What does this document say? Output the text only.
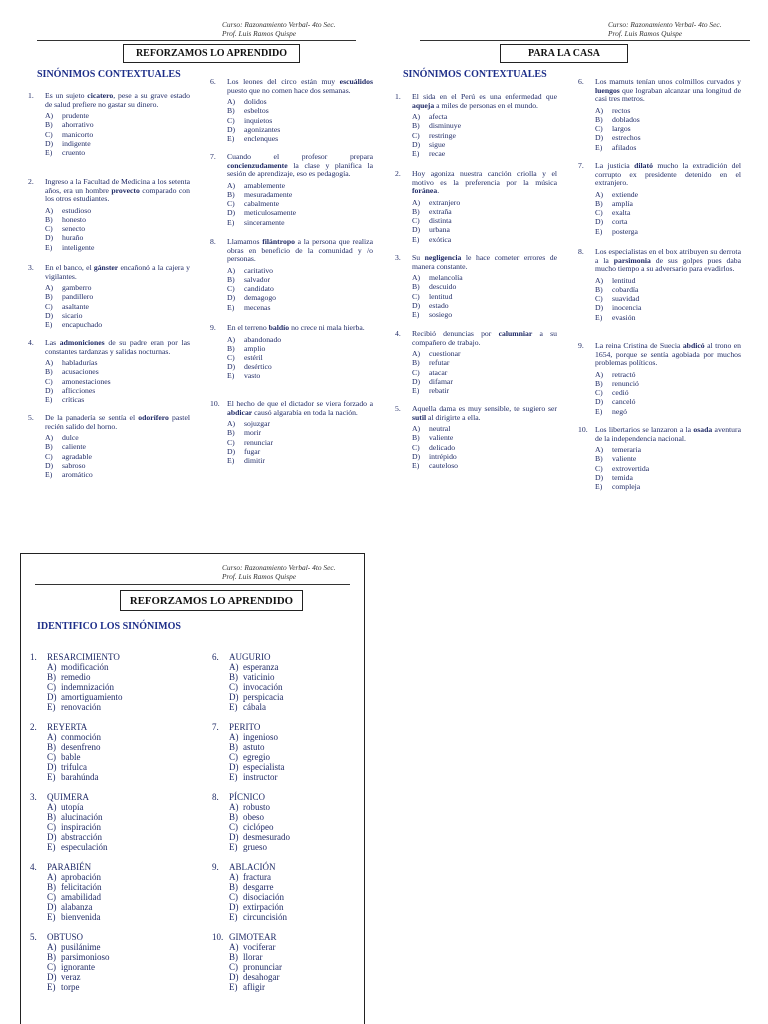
Curso: Razonamiento Verbal- 4to Sec.
Prof. Luis Ramos Quispe
REFORZAMOS LO APRENDIDO
SINÓNIMOS CONTEXTUALES
1.	Es un sujeto cicatero, pese a su grave estado de salud prefiere no gastar su dinero.
A) prudente
B) ahorrativo
C) manicorto
D) indigente
E) cruento
2.	Ingreso a la Facultad de Medicina a los setenta años, era un hombre provecto comparado con los otros estudiantes.
A) estudioso
B) honesto
C) senecto
D) huraño
E) inteligente
3.	En el banco, el gánster encañonó a la cajera y vigilantes.
A) gamberro
B) pandillero
C) asaltante
D) sicario
E) encapuchado
4.	Las admoniciones de su padre eran por las constantes tardanzas y salidas nocturnas.
A) habladurías
B) acusaciones
C) amonestaciones
D) aflicciones
E) críticas
5.	De la panadería se sentía el odorífero pastel recién salido del horno.
A) dulce
B) caliente
C) agradable
D) sabroso
E) aromático
6.	Los leones del circo están muy escuálidos puesto que no comen hace dos semanas.
A) dolidos
B) esbeltos
C) inquietos
D) agonizantes
E) enclenques
7.	Cuando el profesor prepara concienzudamente la clase y planifica la sesión de aprendizaje, eso es pedagogía.
A) amablemente
B) mesuradamente
C) cabalmente
D) meticulosamente
E) sinceramente
8.	Llamamos filántropo a la persona que realiza obras en beneficio de la comunidad y /o personas.
A) caritativo
B) salvador
C) candidato
D) demagogo
E) mecenas
9.	En el terreno baldío no crece ni mala hierba.
A) abandonado
B) amplio
C) estéril
D) desértico
E) vasto
10. El hecho de que el dictador se viera forzado a abdicar causó algarabía en toda la nación.
A) sojuzgar
B) morir
C) renunciar
D) fugar
E) dimitir
Curso: Razonamiento Verbal- 4to Sec.
Prof. Luis Ramos Quispe
PARA LA CASA
SINÓNIMOS CONTEXTUALES
1.	El sida en el Perú es una enfermedad que aqueja a miles de personas en el mundo.
A) afecta
B) disminuye
C) restringe
D) sigue
E) recae
2.	Hoy agoniza nuestra canción criolla y el motivo es la preferencia por la música foránea.
A) extranjero
B) extraña
C) distinta
D) urbana
E) exótica
3.	Su negligencia le hace cometer errores de manera constante.
A) melancolía
B) descuido
C) lentitud
D) estado
E) sosiego
4.	Recibió denuncias por calumniar a su compañero de trabajo.
A) cuestionar
B) refutar
C) atacar
D) difamar
E) rebatir
5.	Aquella dama es muy sensible, te sugiero ser sutil al dirigirte a ella.
A) neutral
B) valiente
C) delicado
D) intrépido
E) cauteloso
6.	Los mamuts tenían unos colmillos curvados y luengos que lograban alcanzar una longitud de casi tres metros.
A) rectos
B) doblados
C) largos
D) estrechos
E) afilados
7.	La justicia dilató mucho la extradición del corrupto ex presidente detenido en el extranjero.
A) extiende
B) amplía
C) exalta
D) corta
E) posterga
8.	Los especialistas en el box atribuyen su derrota a la parsimonia de sus golpes pues daba mucho tiempo a su adversario para evadirlos.
A) lentitud
B) cobardía
C) suavidad
D) inocencia
E) evasión
9.	La reina Cristina de Suecia abdicó al trono en 1654, porque se sentía agobiada por muchos problemas políticos.
A) retractó
B) renunció
C) cedió
D) canceló
E) negó
10. Los libertarios se lanzaron a la osada aventura de la independencia nacional.
A) temeraria
B) valiente
C) extrovertida
D) temida
E) compleja
Curso: Razonamiento Verbal- 4to Sec.
Prof. Luis Ramos Quispe
REFORZAMOS LO APRENDIDO
IDENTIFICO LOS SINÓNIMOS
1.	RESARCIMIENTO
A) modificación
B) remedio
C) indemnización
D) amortiguamiento
E) renovación
2.	REYERTA
A) conmoción
B) desenfreno
C) bable
D) trifulca
E) barahúnda
3.	QUIMERA
A) utopía
B) alucinación
C) inspiración
D) abstracción
E) especulación
4.	PARABIÉN
A) aprobación
B) felicitación
C) amabilidad
D) alabanza
E) bienvenida
5.	OBTUSO
A) pusilánime
B) parsimonioso
C) ignorante
D) veraz
E) torpe
6.	AUGURIO
A) esperanza
B) vaticinio
C) invocación
D) perspicacia
E) cábala
7.	PERITO
A) ingenioso
B) astuto
C) egregio
D) especialista
E) instructor
8.	PÍCNICO
A) robusto
B) obeso
C) ciclópeo
D) desmesurado
E) grueso
9.	ABLACIÓN
A) fractura
B) desgarre
C) disociación
D) extirpación
E) circuncisión
10. GIMOTEAR
A) vociferar
B) llorar
C) pronunciar
D) desahogar
E) afligir
